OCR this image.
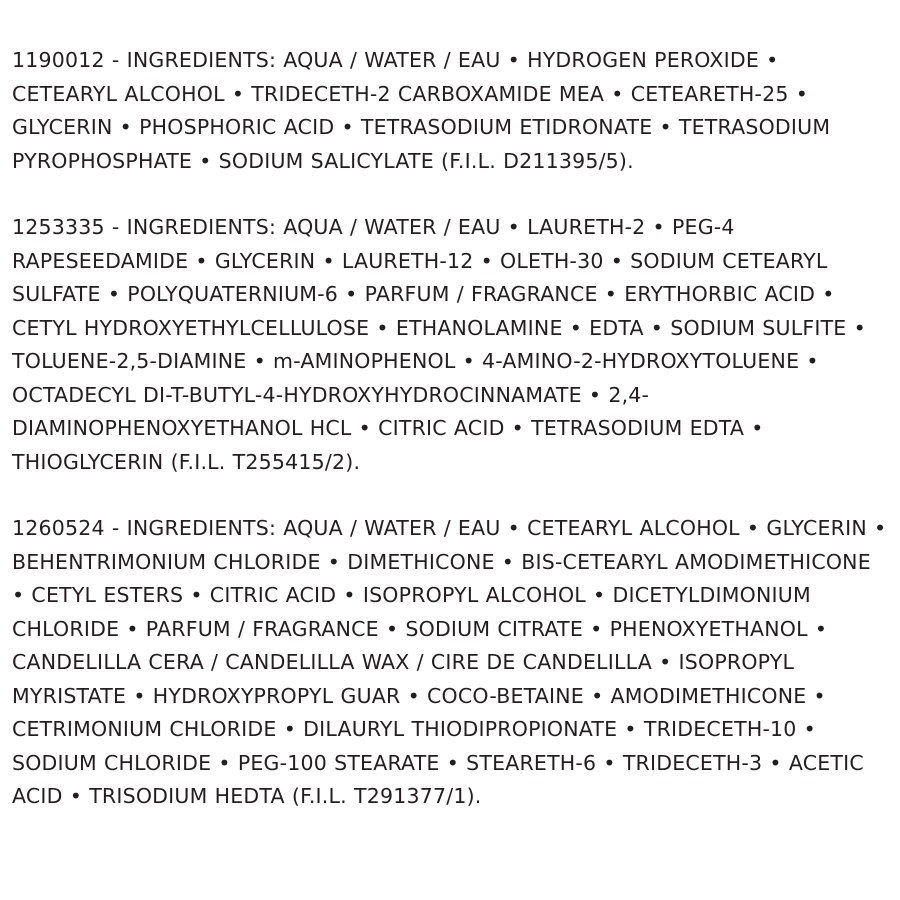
1190012 - INGREDIENTS: AQUA / WATER / EAU • HYDROGEN PEROXIDE • CETEARYL ALCOHOL • TRIDECETH-2 CARBOXAMIDE MEA • CETEARETH-25 • GLYCERIN • PHOSPHORIC ACID • TETRASODIUM ETIDRONATE • TETRASODIUM PYROPHOSPHATE • SODIUM SALICYLATE (F.I.L. D211395/5).

1253335 - INGREDIENTS: AQUA / WATER / EAU • LAURETH-2 • PEG-4 RAPESEEDAMIDE • GLYCERIN • LAURETH-12 • OLETH-30 • SODIUM CETEARYL SULFATE • POLYQUATERNIUM-6 • PARFUM / FRAGRANCE • ERYTHORBIC ACID • CETYL HYDROXYETHYLCELLULOSE • ETHANOLAMINE • EDTA • SODIUM SULFITE • TOLUENE-2,5-DIAMINE • m-AMINOPHENOL • 4-AMINO-2-HYDROXYTOLUENE • OCTADECYL DI-T-BUTYL-4-HYDROXYHYDROCINNAMATE • 2,4-DIAMINOPHENOXYETHANOL HCL • CITRIC ACID • TETRASODIUM EDTA • THIOGLYCERIN (F.I.L. T255415/2).

1260524 - INGREDIENTS: AQUA / WATER / EAU • CETEARYL ALCOHOL • GLYCERIN • BEHENTRIMONIUM CHLORIDE • DIMETHICONE • BIS-CETEARYL AMODIMETHICONE • CETYL ESTERS • CITRIC ACID • ISOPROPYL ALCOHOL • DICETYLDIMONIUM CHLORIDE • PARFUM / FRAGRANCE • SODIUM CITRATE • PHENOXYETHANOL • CANDELILLA CERA / CANDELILLA WAX / CIRE DE CANDELILLA • ISOPROPYL MYRISTATE • HYDROXYPROPYL GUAR • COCO-BETAINE • AMODIMETHICONE • CETRIMONIUM CHLORIDE • DILAURYL THIODIPROPIONATE • TRIDECETH-10 • SODIUM CHLORIDE • PEG-100 STEARATE • STEARETH-6 • TRIDECETH-3 • ACETIC ACID • TRISODIUM HEDTA (F.I.L. T291377/1).
